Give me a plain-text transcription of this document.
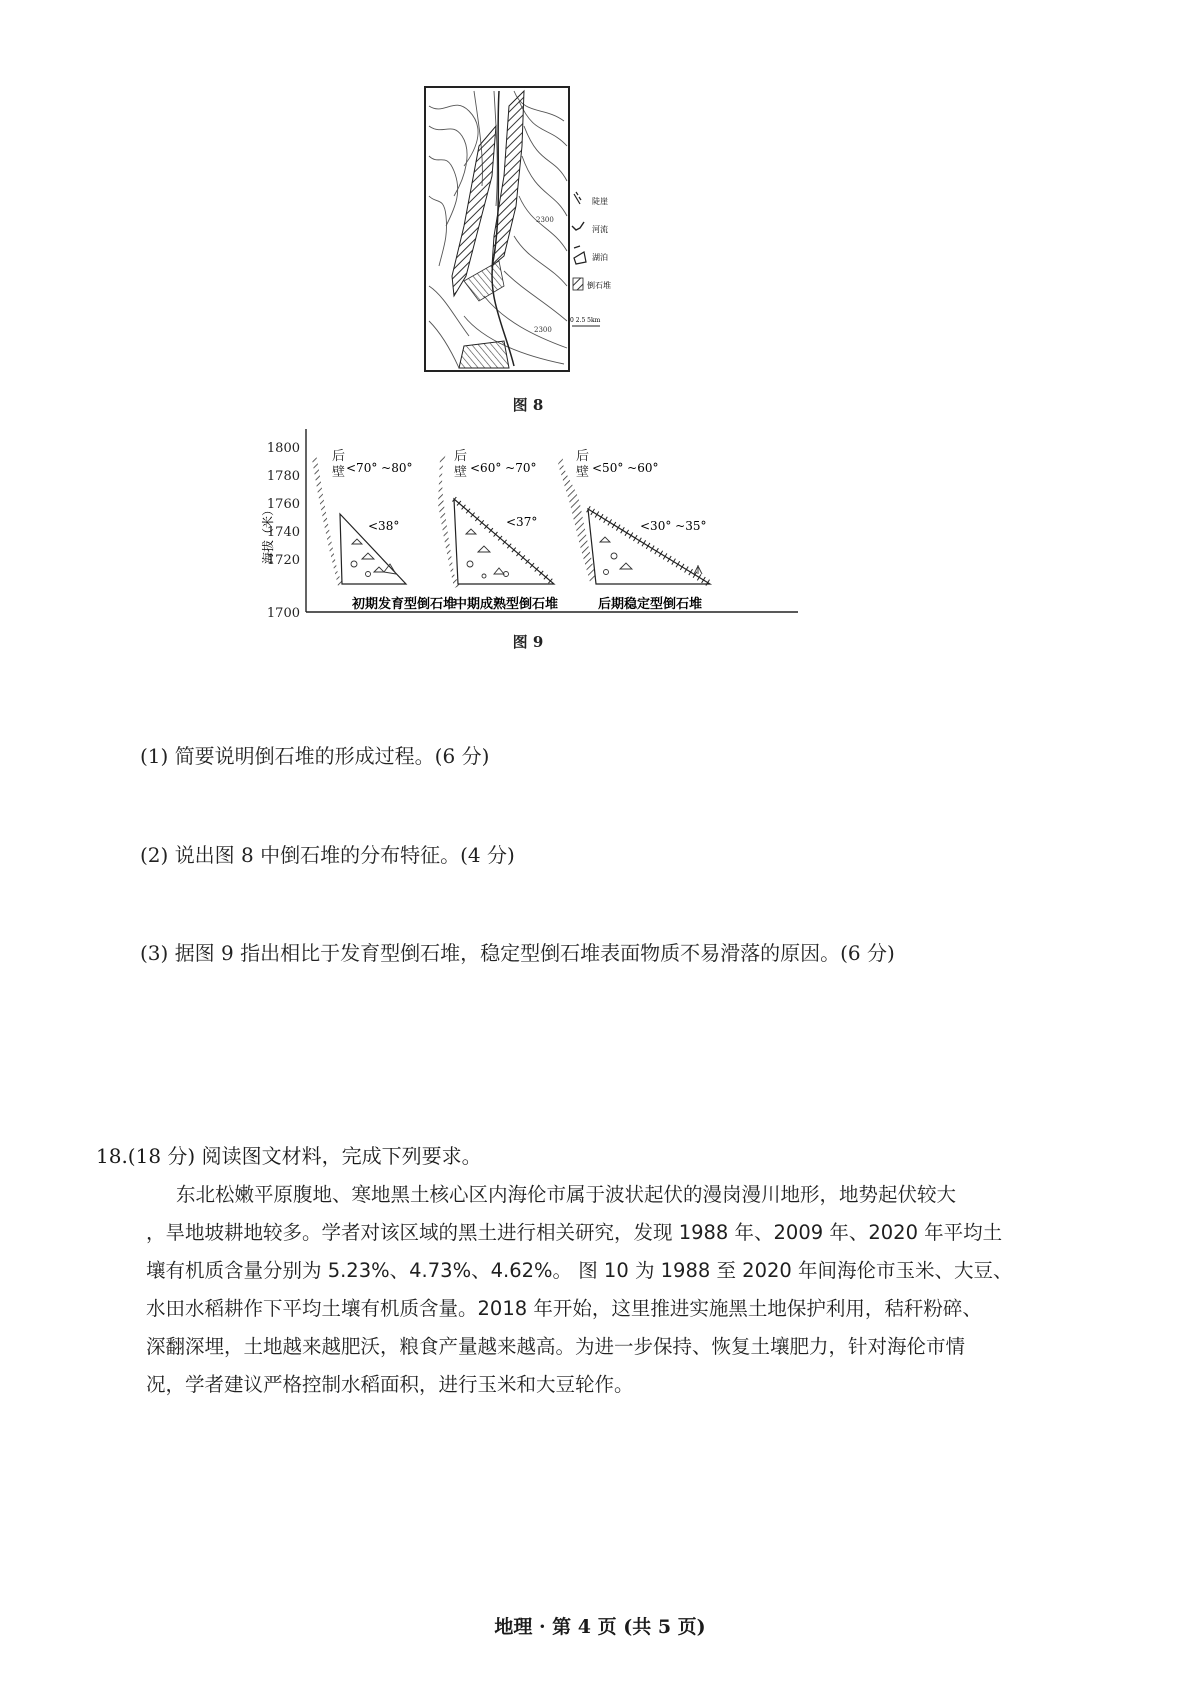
2300
2300
陡崖
河流
湖泊
倒石堆
0 2.5 5km
图 8
1800
1780
1760
1740
1720
1700
海拔（米）
后
壁 <70° ~80°
<38°
初期发育型倒石堆
后
壁 <60° ~70°
<37°
中期成熟型倒石堆
后
壁 <50° ~60°
<30° ~35°
后期稳定型倒石堆
图 9
(1) 简要说明倒石堆的形成过程。(6 分)
(2) 说出图 8 中倒石堆的分布特征。(4 分)
(3) 据图 9 指出相比于发育型倒石堆，稳定型倒石堆表面物质不易滑落的原因。(6 分)
18.(18 分) 阅读图文材料，完成下列要求。

东北松嫩平原腹地、寒地黑土核心区内海伦市属于波状起伏的漫岗漫川地形，地势起伏较大

，旱地坡耕地较多。学者对该区域的黑土进行相关研究，发现 1988 年、2009 年、2020 年平均土

壤有机质含量分别为 5.23%、4.73%、4.62%。 图 10 为 1988 至 2020 年间海伦市玉米、大豆、

水田水稻耕作下平均土壤有机质含量。2018 年开始，这里推进实施黑土地保护利用，秸秆粉碎、

深翻深埋，土地越来越肥沃，粮食产量越来越高。为进一步保持、恢复土壤肥力，针对海伦市情

况，学者建议严格控制水稻面积，进行玉米和大豆轮作。

地理 · 第 4 页 (共 5 页)
